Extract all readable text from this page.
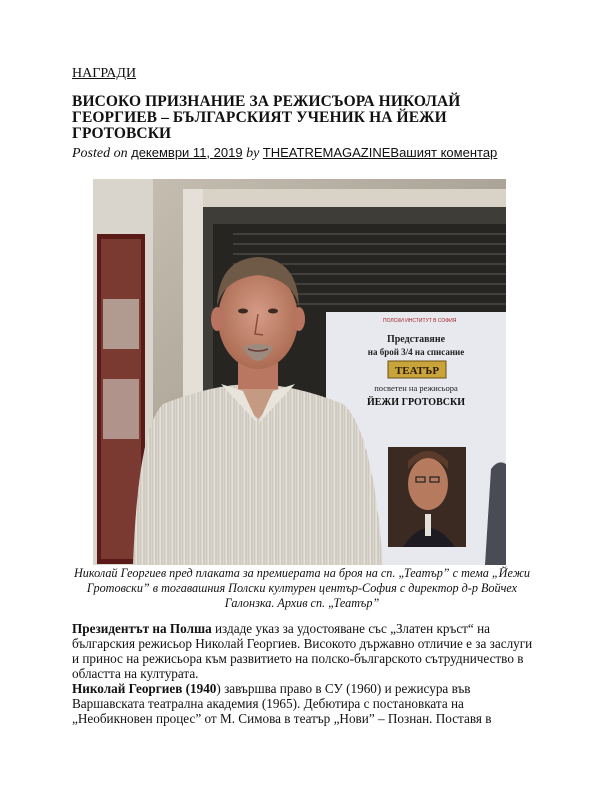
НАГРАДИ
ВИСОКО ПРИЗНАНИЕ ЗА РЕЖИСЪОРА НИКОЛАЙ ГЕОРГИЕВ – БЪЛГАРСКИЯТ УЧЕНИК НА ЙЕЖИ ГРОТОВСКИ

Posted on декември 11, 2019 by THEATREMAGAZINEВашият коментар

ПОЛСКИ ИНСТИТУТ В СОФИЯ
Представяне
на брой 3/4 на списание
ТЕАТЪР
посветен на режисьора
ЙЕЖИ ГРОТОВСКИ
Николай Георгиев пред плаката за премиерата на броя на сп. „Театър” с тема „Йежи Гротовски” в тогавашния Полски културен център-София с директор д-р Войчех Галонзка. Архив сп. „Театър”

Президентът на Полша издаде указ за удостояване със „Златен кръст“ на българския режисьор Николай Георгиев. Високото държавно отличие е за заслуги и принос на режисьора към развитието на полско-българското сътрудничество в областта на културата.

Николай Георгиев (1940) завършва право в СУ (1960) и режисура във Варшавската театрална академия (1965). Дебютира с постановката на „Необикновен процес” от М. Симова в театър „Нови” – Познан. Поставя в
